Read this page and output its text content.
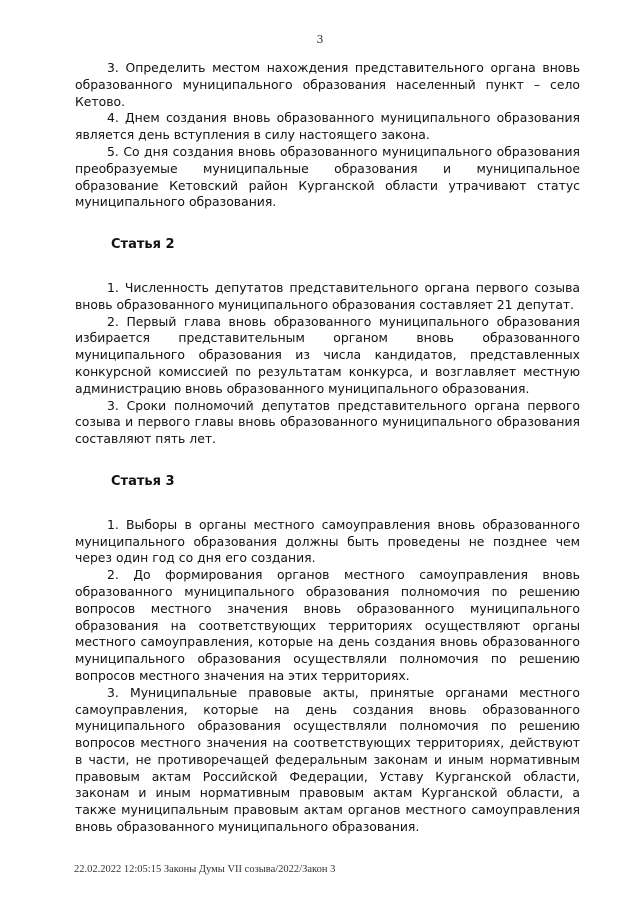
3

3. Определить местом нахождения представительного органа вновь образованного муниципального образования населенный пункт – село Кетово.

4. Днем создания вновь образованного муниципального образования является день вступления в силу настоящего закона.

5. Со дня создания вновь образованного муниципального образования преобразуемые муниципальные образования и муниципальное образование Кетовский район Курганской области утрачивают статус муниципального образования.

Статья 2

1. Численность депутатов представительного органа первого созыва вновь образованного муниципального образования составляет 21 депутат.

2. Первый глава вновь образованного муниципального образования избирается представительным органом вновь образованного муниципального образования из числа кандидатов, представленных конкурсной комиссией по результатам конкурса, и возглавляет местную администрацию вновь образованного муниципального образования.

3. Сроки полномочий депутатов представительного органа первого созыва и первого главы вновь образованного муниципального образования составляют пять лет.

Статья 3

1. Выборы в органы местного самоуправления вновь образованного муниципального образования должны быть проведены не позднее чем через один год со дня его создания.

2. До формирования органов местного самоуправления вновь образованного муниципального образования полномочия по решению вопросов местного значения вновь образованного муниципального образования на соответствующих территориях осуществляют органы местного самоуправления, которые на день создания вновь образованного муниципального образования осуществляли полномочия по решению вопросов местного значения на этих территориях.

3. Муниципальные правовые акты, принятые органами местного самоуправления, которые на день создания вновь образованного муниципального образования осуществляли полномочия по решению вопросов местного значения на соответствующих территориях, действуют в части, не противоречащей федеральным законам и иным нормативным правовым актам Российской Федерации, Уставу Курганской области, законам и иным нормативным правовым актам Курганской области, а также муниципальным правовым актам органов местного самоуправления вновь образованного муниципального образования.

22.02.2022 12:05:15 Законы Думы VII созыва/2022/Закон 3
